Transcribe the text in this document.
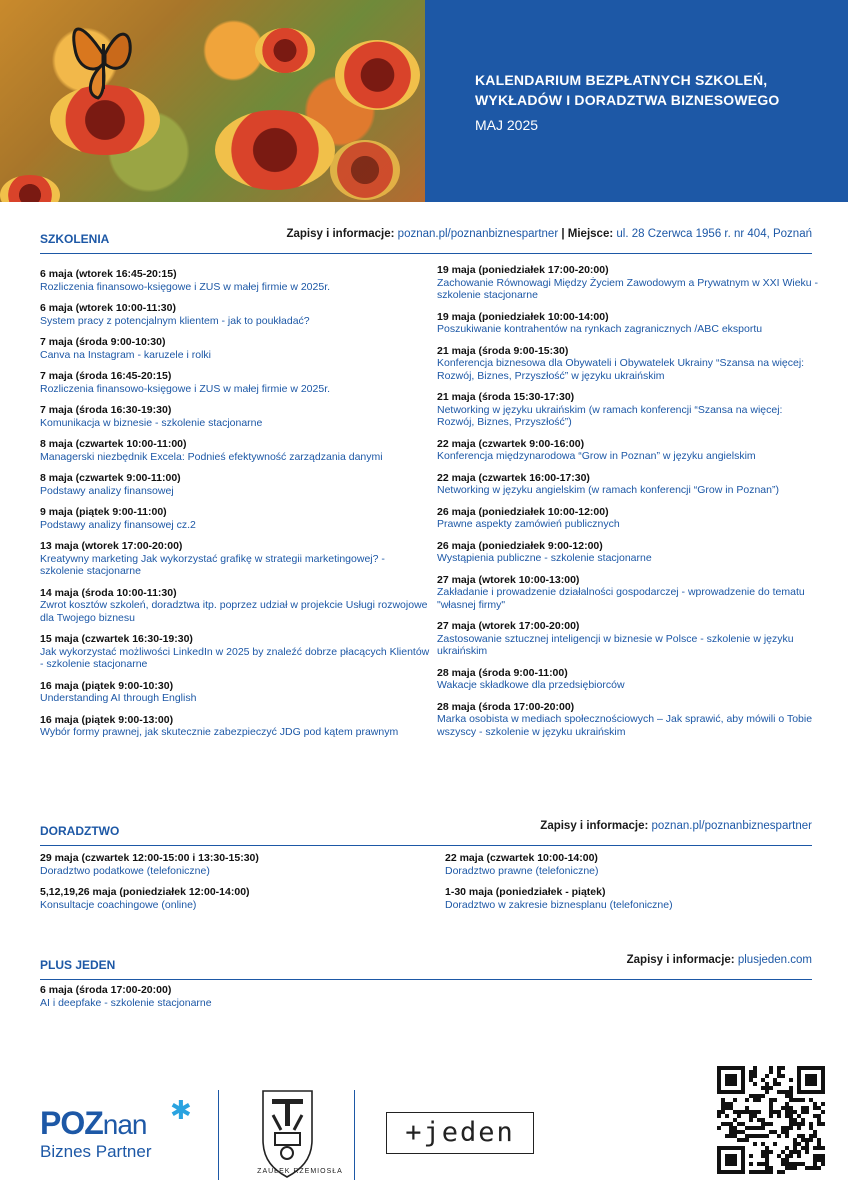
KALENDARIUM BEZPŁATNYCH SZKOLEŃ,
WYKŁADÓW I DORADZTWA BIZNESOWEGO
MAJ 2025
SZKOLENIA	Zapisy i informacje: poznan.pl/poznanbiznespartner | Miejsce: ul. 28 Czerwca 1956 r. nr 404, Poznań
6 maja (wtorek 16:45-20:15)
Rozliczenia finansowo-księgowe i ZUS w małej firmie w 2025r.
6 maja (wtorek 10:00-11:30)
System pracy z potencjalnym klientem - jak to poukładać?
7 maja (środa 9:00-10:30)
Canva na Instagram - karuzele i rolki
7 maja (środa 16:45-20:15)
Rozliczenia finansowo-księgowe i ZUS w małej firmie w 2025r.
7 maja (środa 16:30-19:30)
Komunikacja w biznesie - szkolenie stacjonarne
8 maja (czwartek 10:00-11:00)
Managerski niezbędnik Excela: Podnieś efektywność zarządzania danymi
8 maja (czwartek 9:00-11:00)
Podstawy analizy finansowej
9 maja (piątek 9:00-11:00)
Podstawy analizy finansowej cz.2
13 maja (wtorek 17:00-20:00)
Kreatywny marketing Jak wykorzystać grafikę w strategii marketingowej? - szkolenie stacjonarne
14 maja (środa 10:00-11:30)
Zwrot kosztów szkoleń, doradztwa itp. poprzez udział w projekcie Usługi rozwojowe dla Twojego biznesu
15 maja (czwartek 16:30-19:30)
Jak wykorzystać możliwości LinkedIn w 2025 by znaleźć dobrze płacących Klientów - szkolenie stacjonarne
16 maja (piątek 9:00-10:30)
Understanding AI through English
16 maja (piątek 9:00-13:00)
Wybór formy prawnej, jak skutecznie zabezpieczyć JDG pod kątem prawnym
19 maja (poniedziałek 17:00-20:00)
Zachowanie Równowagi Między Życiem Zawodowym a Prywatnym w XXI Wieku - szkolenie stacjonarne
19 maja (poniedziałek 10:00-14:00)
Poszukiwanie kontrahentów na rynkach zagranicznych /ABC eksportu
21 maja (środa 9:00-15:30)
Konferencja biznesowa dla Obywateli i Obywatelek Ukrainy “Szansa na więcej: Rozwój, Biznes, Przyszłość” w języku ukraińskim
21 maja (środa 15:30-17:30)
Networking w języku ukraińskim (w ramach konferencji “Szansa na więcej: Rozwój, Biznes, Przyszłość”)
22 maja (czwartek 9:00-16:00)
Konferencja międzynarodowa “Grow in Poznan” w języku angielskim
22 maja (czwartek 16:00-17:30)
Networking w języku angielskim (w ramach konferencji “Grow in Poznan”)
26 maja (poniedziałek 10:00-12:00)
Prawne aspekty zamówień publicznych
26 maja (poniedziałek 9:00-12:00)
Wystąpienia publiczne - szkolenie stacjonarne
27 maja (wtorek 10:00-13:00)
Zakładanie i prowadzenie działalności gospodarczej - wprowadzenie do tematu "własnej firmy"
27 maja (wtorek 17:00-20:00)
Zastosowanie sztucznej inteligencji w biznesie w Polsce - szkolenie w języku ukraińskim
28 maja (środa 9:00-11:00)
Wakacje składkowe dla przedsiębiorców
28 maja (środa 17:00-20:00)
Marka osobista w mediach społecznościowych – Jak sprawić, aby mówili o Tobie wszyscy - szkolenie w języku ukraińskim
DORADZTWO	Zapisy i informacje: poznan.pl/poznanbiznespartner
29 maja (czwartek 12:00-15:00 i 13:30-15:30)
Doradztwo podatkowe (telefoniczne)
5,12,19,26 maja (poniedziałek 12:00-14:00)
Konsultacje coachingowe (online)
22 maja (czwartek 10:00-14:00)
Doradztwo prawne (telefoniczne)
1-30 maja (poniedziałek - piątek)
Doradztwo w zakresie biznesplanu (telefoniczne)
PLUS JEDEN	Zapisy i informacje: plusjeden.com
6 maja (środa 17:00-20:00)
AI i deepfake - szkolenie stacjonarne
POZnan ✱
Biznes Partner
ZAUŁEK RZEMIOSŁA
+jeden
